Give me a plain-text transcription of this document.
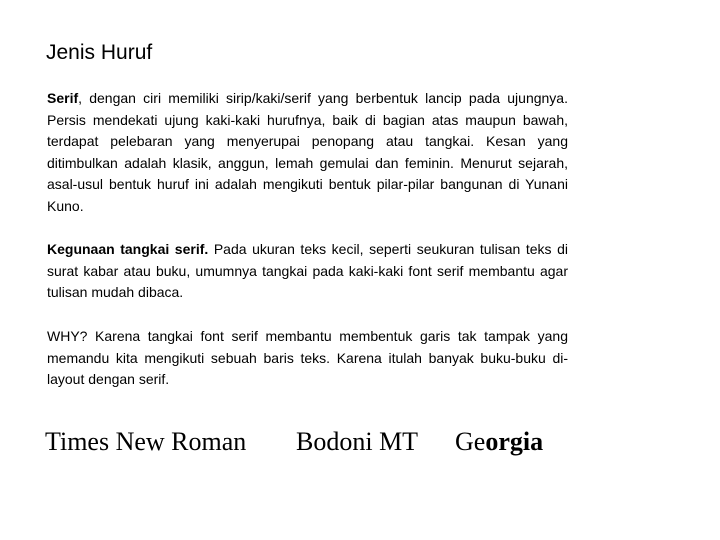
Jenis Huruf

Serif, dengan ciri memiliki sirip/kaki/serif yang berbentuk lancip pada ujungnya. Persis mendekati ujung kaki-kaki hurufnya, baik di bagian atas maupun bawah, terdapat pelebaran yang menyerupai penopang atau tangkai. Kesan yang ditimbulkan adalah klasik, anggun, lemah gemulai dan feminin. Menurut sejarah, asal-usul bentuk huruf ini adalah mengikuti bentuk pilar-pilar bangunan di Yunani Kuno.

Kegunaan tangkai serif. Pada ukuran teks kecil, seperti seukuran tulisan teks di surat kabar atau buku, umumnya tangkai pada kaki-kaki font serif membantu agar tulisan mudah dibaca.

WHY? Karena tangkai font serif membantu membentuk garis tak tampak yang memandu kita mengikuti sebuah baris teks. Karena itulah banyak buku-buku di-layout dengan serif.

Times New Roman Bodoni MT Georgia
